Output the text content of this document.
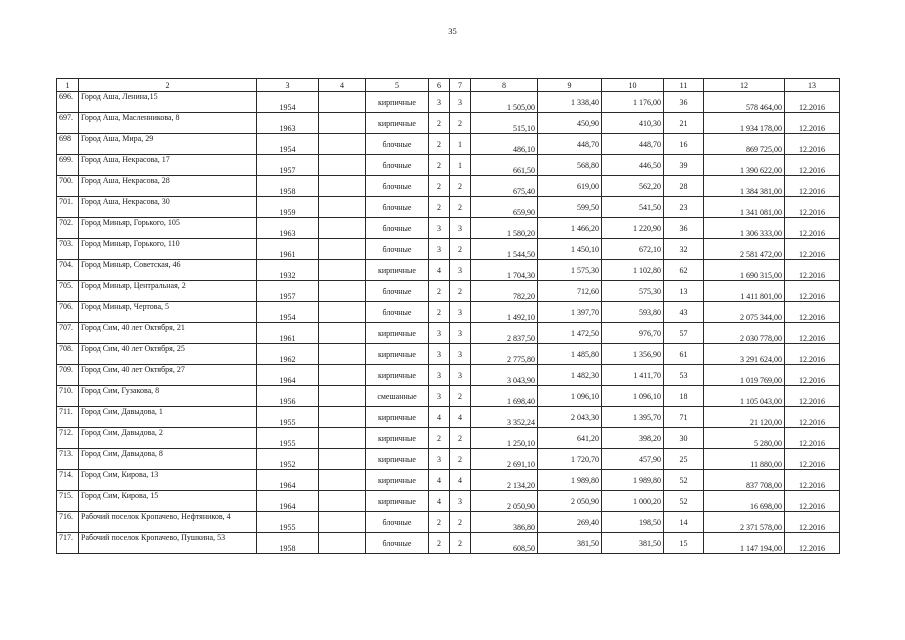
35
1	2	3	4	5	6	7	8	9	10	11	12	13
696.	Город Аша, Ленина,15	1954		кирпичные	3	3	1 505,00	1 338,40	1 176,00	36	578 464,00	12.2016
697.	Город Аша, Масленникова, 8	1963		кирпичные	2	2	515,10	450,90	410,30	21	1 934 178,00	12.2016
698	Город Аша, Мира, 29	1954		блочные	2	1	486,10	448,70	448,70	16	869 725,00	12.2016
699.	Город Аша, Некрасова, 17	1957		блочные	2	1	661,50	568,80	446,50	39	1 390 622,00	12.2016
700.	Город Аша, Некрасова, 28	1958		блочные	2	2	675,40	619,00	562,20	28	1 384 381,00	12.2016
701.	Город Аша, Некрасова, 30	1959		блочные	2	2	659,90	599,50	541,50	23	1 341 081,00	12.2016
702.	Город Миньяр, Горького, 105	1963		блочные	3	3	1 580,20	1 466,20	1 220,90	36	1 306 333,00	12.2016
703.	Город Миньяр, Горького, 110	1961		блочные	3	2	1 544,50	1 450,10	672,10	32	2 581 472,00	12.2016
704.	Город Миньяр, Советская, 46	1932		кирпичные	4	3	1 704,30	1 575,30	1 102,80	62	1 690 315,00	12.2016
705.	Город Миньяр, Центральная, 2	1957		блочные	2	2	782,20	712,60	575,30	13	1 411 801,00	12.2016
706.	Город Миньяр, Чертова, 5	1954		блочные	2	3	1 492,10	1 397,70	593,80	43	2 075 344,00	12.2016
707.	Город Сим, 40 лет Октября, 21	1961		кирпичные	3	3	2 837,50	1 472,50	976,70	57	2 030 778,00	12.2016
708.	Город Сим, 40 лет Октября, 25	1962		кирпичные	3	3	2 775,80	1 485,80	1 356,90	61	3 291 624,00	12.2016
709.	Город Сим, 40 лет Октября, 27	1964		кирпичные	3	3	3 043,90	1 482,30	1 411,70	53	1 019 769,00	12.2016
710.	Город Сим, Гузакова, 8	1956		смешанные	3	2	1 698,40	1 096,10	1 096,10	18	1 105 043,00	12.2016
711.	Город Сим, Давыдова, 1	1955		кирпичные	4	4	3 352,24	2 043,30	1 395,70	71	21 120,00	12.2016
712.	Город Сим, Давыдова, 2	1955		кирпичные	2	2	1 250,10	641,20	398,20	30	5 280,00	12.2016
713.	Город Сим, Давыдова, 8	1952		кирпичные	3	2	2 691,10	1 720,70	457,90	25	11 880,00	12.2016
714.	Город Сим, Кирова, 13	1964		кирпичные	4	4	2 134,20	1 989,80	1 989,80	52	837 708,00	12.2016
715.	Город Сим, Кирова, 15	1964		кирпичные	4	3	2 050,90	2 050,90	1 000,20	52	16 698,00	12.2016
716.	Рабочий поселок Кропачево, Нефтяников, 4	1955		блочные	2	2	386,80	269,40	198,50	14	2 371 578,00	12.2016
717.	Рабочий поселок Кропачево, Пушкина, 53	1958		блочные	2	2	608,50	381,50	381,50	15	1 147 194,00	12.2016
